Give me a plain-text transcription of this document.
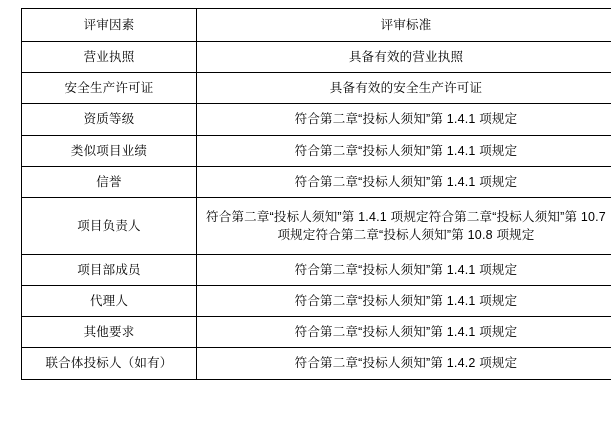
评审因素	评审标准
营业执照	具备有效的营业执照
安全生产许可证	具备有效的安全生产许可证
资质等级	符合第二章“投标人须知”第 1.4.1 项规定
类似项目业绩	符合第二章“投标人须知”第 1.4.1 项规定
信誉	符合第二章“投标人须知”第 1.4.1 项规定
项目负责人	符合第二章“投标人须知”第 1.4.1 项规定符合第二章“投标人须知”第 10.7 项规定符合第二章“投标人须知”第 10.8 项规定
项目部成员	符合第二章“投标人须知”第 1.4.1 项规定
代理人	符合第二章“投标人须知”第 1.4.1 项规定
其他要求	符合第二章“投标人须知”第 1.4.1 项规定
联合体投标人（如有）	符合第二章“投标人须知”第 1.4.2 项规定
